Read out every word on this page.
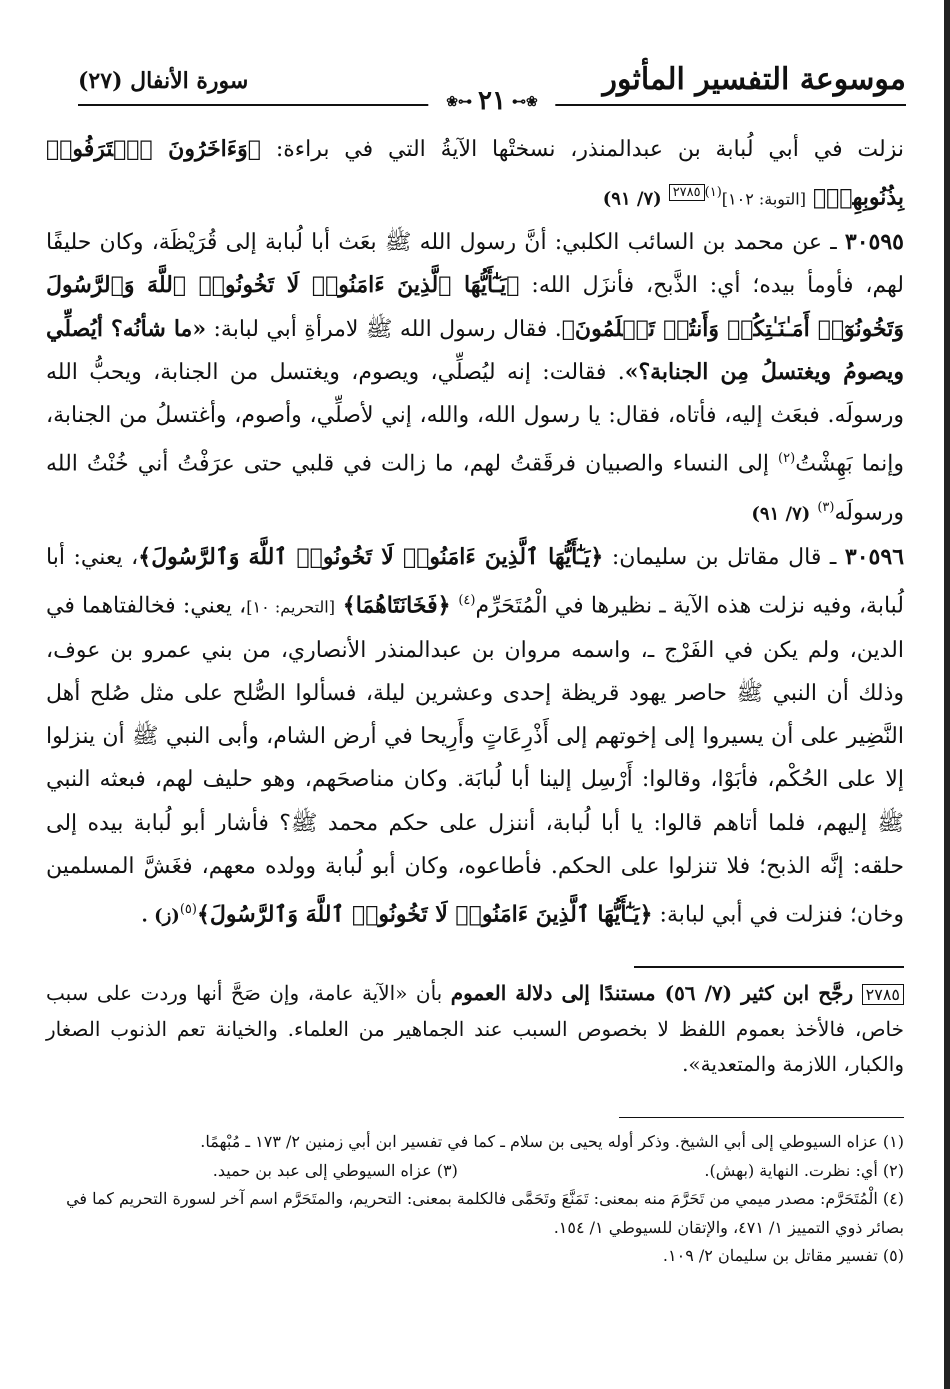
موسوعة التفسير المأثور
سورة الأنفال (٢٧)
❀⊶٢١⊷❀

نزلت في أبي لُبابة بن عبدالمنذر، نسختْها الآيةُ التي في براءة: ﴿وَءَاخَرُونَ ٱعۡتَرَفُوا۟ بِذُنُوبِهِمۡ﴾ [التوبة: ١٠٢]$^{(١)٢٧٨٥}$ (٧/ ٩١)

٣٠٥٩٥ ـ عن محمد بن السائب الكلبي: أنَّ رسول الله ﷺ بعَث أبا لُبابة إلى قُرَيْظَة، وكان حليفًا لهم، فأومأ بيده؛ أي: الذَّبح، فأنزَل الله: ﴿يَـٰٓأَيُّهَا ٱلَّذِينَ ءَامَنُوا۟ لَا تَخُونُوا۟ ٱللَّهَ وَٱلرَّسُولَ وَتَخُونُوٓا۟ أَمَـٰنَـٰتِكُمۡ وَأَنتُمۡ تَعۡلَمُونَ﴾. فقال رسول الله ﷺ لامرأةِ أبي لبابة: «ما شأنُه؟ أيُصلِّي ويصومُ ويغتسلُ مِن الجنابة؟». فقالت: إنه ليُصلِّي، ويصوم، ويغتسل من الجنابة، ويحبُّ الله ورسولَه. فبعَث إليه، فأتاه، فقال: يا رسول الله، والله، إني لأصلِّي، وأصوم، وأغتسلُ من الجنابة، وإنما بَهِشْتُ$^{(٢)}$ إلى النساء والصبيان فرقَقتُ لهم، ما زالت في قلبي حتى عرَفْتُ أني خُنْتُ الله ورسولَه$^{(٣)}$ (٧/ ٩١)

٣٠٥٩٦ ـ قال مقاتل بن سليمان: ﴿يَـٰٓأَيُّهَا ٱلَّذِينَ ءَامَنُوا۟ لَا تَخُونُوا۟ ٱللَّهَ وَٱلرَّسُولَ﴾، يعني: أبا لُبابة، وفيه نزلت هذه الآية ـ نظيرها في الْمُتَحَرِّم$^{(٤)}$ ﴿فَخَانَتَاهُمَا﴾ [التحريم: ١٠]، يعني: فخالفتاهما في الدين، ولم يكن في الفَرْج ـ، واسمه مروان بن عبدالمنذر الأنصاري، من بني عمرو بن عوف، وذلك أن النبي ﷺ حاصر يهود قريظة إحدى وعشرين ليلة، فسألوا الصُّلح على مثل صُلح أهل النَّضِير على أن يسيروا إلى إخوتهم إلى أَذْرِعَاتٍ وأَرِيحا في أرض الشام، وأبى النبي ﷺ أن ينزلوا إلا على الحُكْم، فأبَوْا، وقالوا: أَرْسِل إلينا أبا لُبابَة. وكان مناصحَهم، وهو حليف لهم، فبعثه النبي ﷺ إليهم، فلما أتاهم قالوا: يا أبا لُبابة، أننزل على حكم محمد ﷺ؟ فأشار أبو لُبابة بيده إلى حلقه: إنَّه الذبح؛ فلا تنزلوا على الحكم. فأطاعوه، وكان أبو لُبابة وولده معهم، فغَشَّ المسلمين وخان؛ فنزلت في أبي لبابة: ﴿يَـٰٓأَيُّهَا ٱلَّذِينَ ءَامَنُوا۟ لَا تَخُونُوا۟ ٱللَّهَ وَٱلرَّسُولَ﴾$^{(٥)}$. (ز)

٢٧٨٥ رجَّح ابن كثير (٧/ ٥٦) مستندًا إلى دلالة العموم بأن «الآية عامة، وإن صَحَّ أنها وردت على سبب خاص، فالأخذ بعموم اللفظ لا بخصوص السبب عند الجماهير من العلماء. والخيانة تعم الذنوب الصغار والكبار، اللازمة والمتعدية».

(١) عزاه السيوطي إلى أبي الشيخ. وذكر أوله يحيى بن سلام ـ كما في تفسير ابن أبي زمنين ٢/ ١٧٣ ـ مُبْهمًا.

(٢) أي: نظرت. النهاية (بهش).
(٣) عزاه السيوطي إلى عبد بن حميد.

(٤) الْمُتَحَرَّم: مصدر ميمي من تَحَرَّمَ منه بمعنى: تَمَنَّعَ وتَحَمَّى فالكلمة بمعنى: التحريم، والمتَحَرَّم اسم آخر لسورة التحريم كما في بصائر ذوي التمييز ١/ ٤٧١، والإتقان للسيوطي ١/ ١٥٤.

(٥) تفسير مقاتل بن سليمان ٢/ ١٠٩.
